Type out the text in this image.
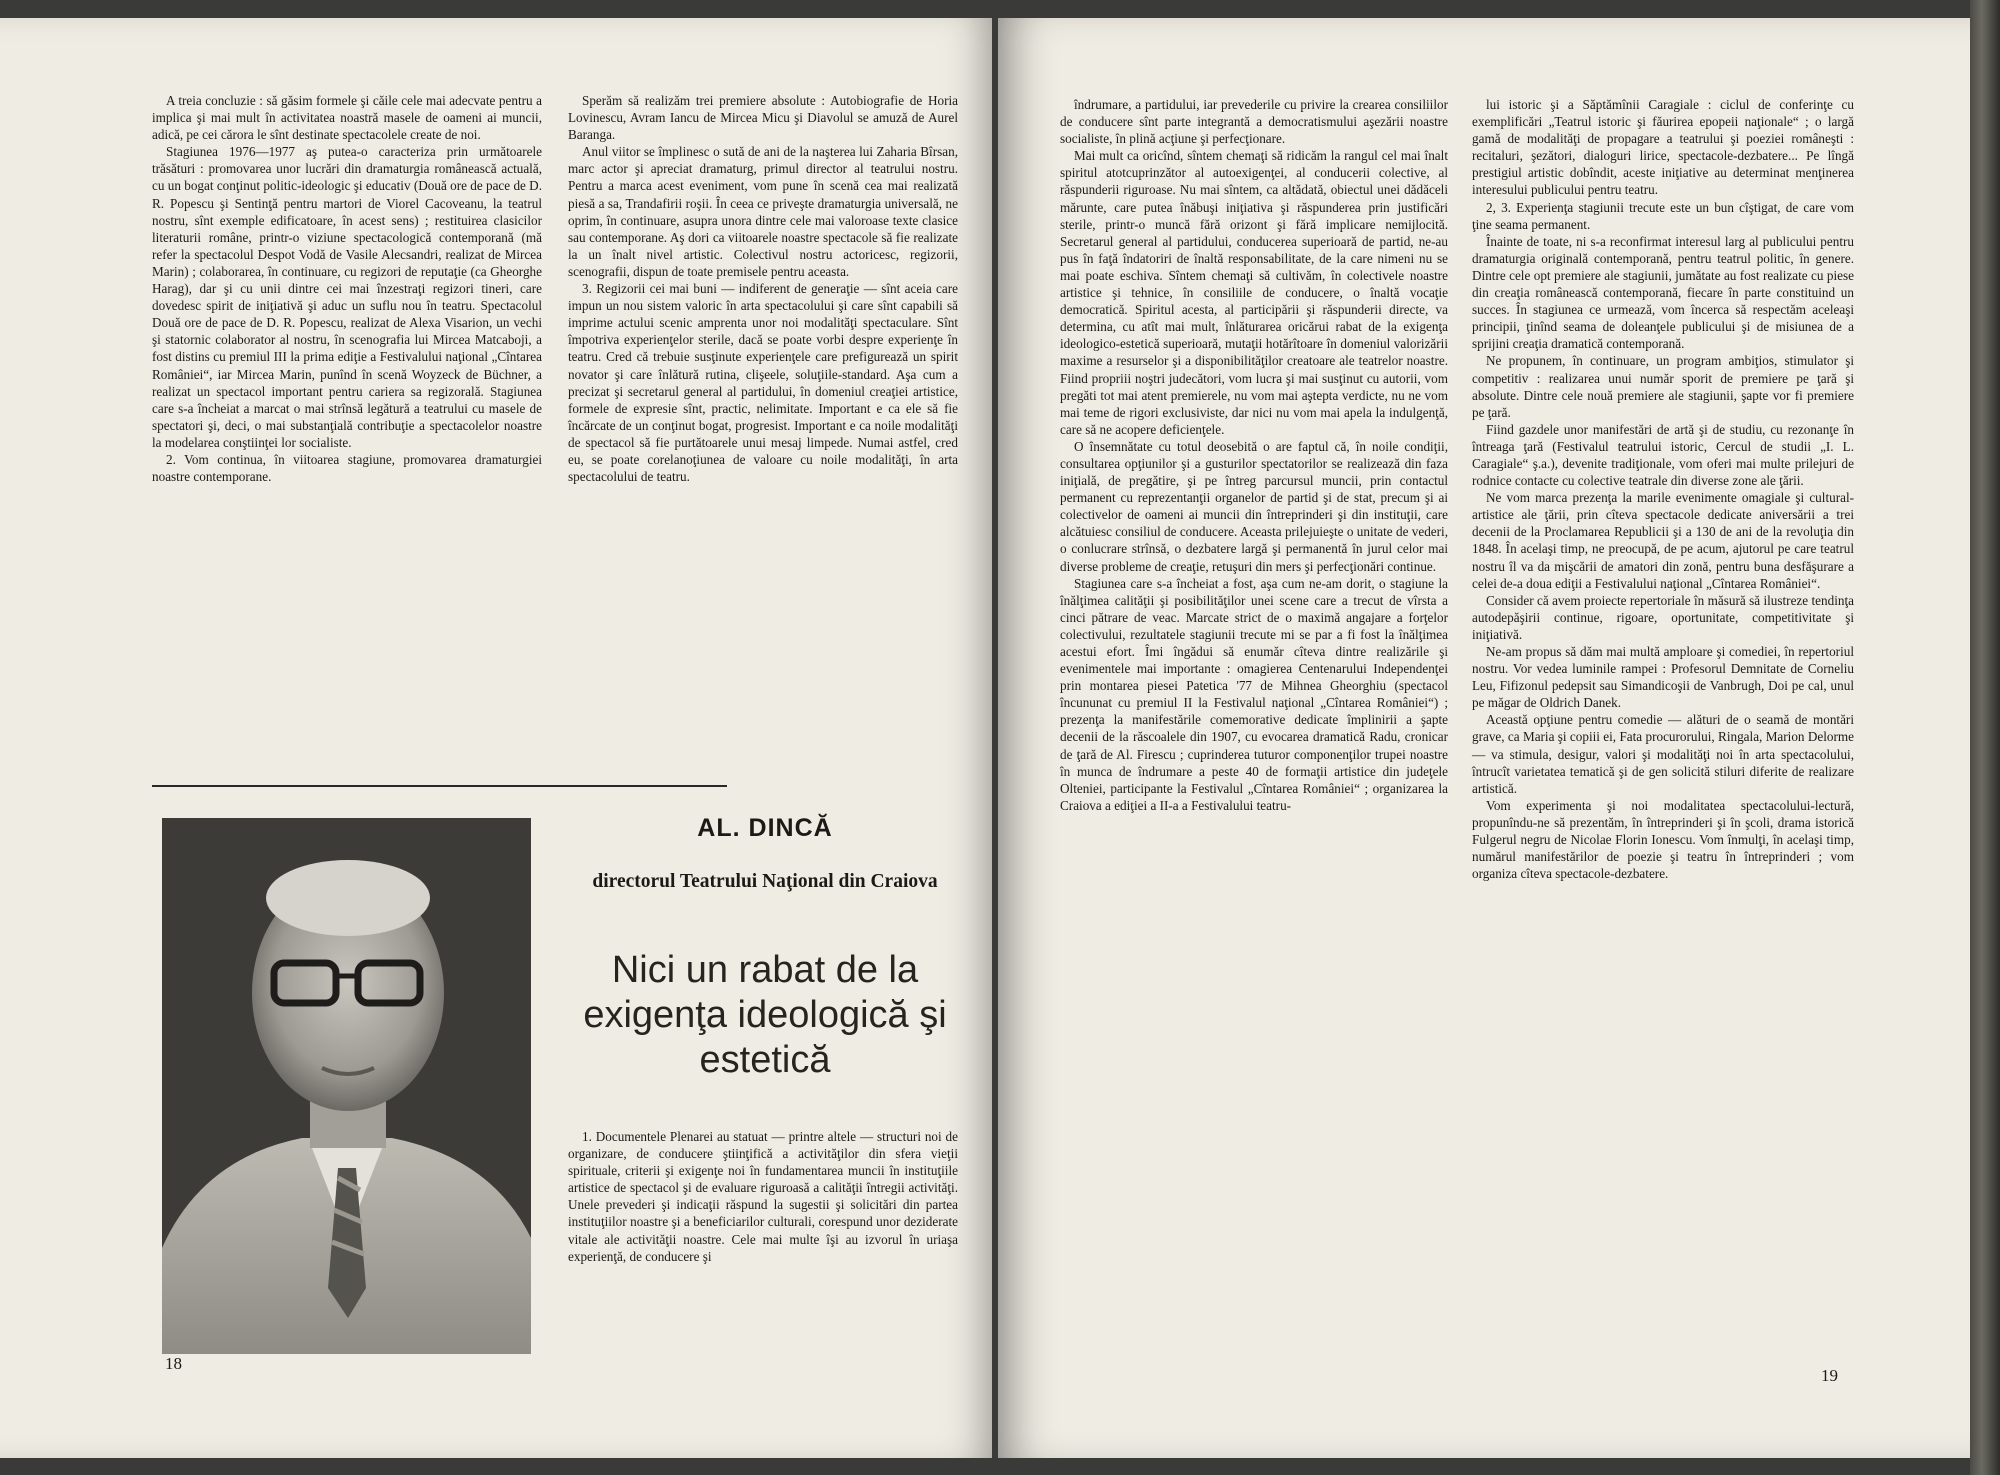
A treia concluzie : să găsim formele şi căile cele mai adecvate pentru a implica şi mai mult în activitatea noastră masele de oameni ai muncii, adică, pe cei cărora le sînt destinate spectacolele create de noi.

Stagiunea 1976—1977 aş putea-o caracteriza prin următoarele trăsături : promovarea unor lucrări din dramaturgia românească actuală, cu un bogat conţinut politic-ideologic şi educativ (Două ore de pace de D. R. Popescu şi Sentinţă pentru martori de Viorel Cacoveanu, la teatrul nostru, sînt exemple edificatoare, în acest sens) ; restituirea clasicilor literaturii române, printr-o viziune spectacologică contemporană (mă refer la spectacolul Despot Vodă de Vasile Alecsandri, realizat de Mircea Marin) ; colaborarea, în continuare, cu regizori de reputaţie (ca Gheorghe Harag), dar şi cu unii dintre cei mai înzestraţi regizori tineri, care dovedesc spirit de iniţiativă şi aduc un suflu nou în teatru. Spectacolul Două ore de pace de D. R. Popescu, realizat de Alexa Visarion, un vechi şi statornic colaborator al nostru, în scenografia lui Mircea Matcaboji, a fost distins cu premiul III la prima ediţie a Festivalului naţional „Cîntarea României“, iar Mircea Marin, punînd în scenă Woyzeck de Büchner, a realizat un spectacol important pentru cariera sa regizorală. Stagiunea care s-a încheiat a marcat o mai strînsă legătură a teatrului cu masele de spectatori şi, deci, o mai substanţială contribuţie a spectacolelor noastre la modelarea conştiinţei lor socialiste.

2. Vom continua, în viitoarea stagiune, promovarea dramaturgiei noastre contemporane.

Sperăm să realizăm trei premiere absolute : Autobiografie de Horia Lovinescu, Avram Iancu de Mircea Micu şi Diavolul se amuză de Aurel Baranga.

Anul viitor se împlinesc o sută de ani de la naşterea lui Zaharia Bîrsan, marc actor şi apreciat dramaturg, primul director al teatrului nostru. Pentru a marca acest eveniment, vom pune în scenă cea mai realizată piesă a sa, Trandafirii roşii. În ceea ce priveşte dramaturgia universală, ne oprim, în continuare, asupra unora dintre cele mai valoroase texte clasice sau contemporane. Aş dori ca viitoarele noastre spectacole să fie realizate la un înalt nivel artistic. Colectivul nostru actoricesc, regizorii, scenografii, dispun de toate premisele pentru aceasta.

3. Regizorii cei mai buni — indiferent de generaţie — sînt aceia care impun un nou sistem valoric în arta spectacolului şi care sînt capabili să imprime actului scenic amprenta unor noi modalităţi spectaculare. Sînt împotriva experienţelor sterile, dacă se poate vorbi despre experienţe în teatru. Cred că trebuie susţinute experienţele care prefigurează un spirit novator şi care înlătură rutina, clişeele, soluţiile-standard. Aşa cum a precizat şi secretarul general al partidului, în domeniul creaţiei artistice, formele de expresie sînt, practic, nelimitate. Important e ca ele să fie încărcate de un conţinut bogat, progresist. Important e ca noile modalităţi de spectacol să fie purtătoarele unui mesaj limpede. Numai astfel, cred eu, se poate corelanoţiunea de valoare cu noile modalităţi, în arta spectacolului de teatru.

AL. DINCĂ
directorul Teatrului Naţional din Craiova
Nici un rabat de la exigenţa ideologică şi estetică

1. Documentele Plenarei au statuat — printre altele — structuri noi de organizare, de conducere ştiinţifică a activităţilor din sfera vieţii spirituale, criterii şi exigenţe noi în fundamentarea muncii în instituţiile artistice de spectacol şi de evaluare riguroasă a calităţii întregii activităţi. Unele prevederi şi indicaţii răspund la sugestii şi solicitări din partea instituţiilor noastre şi a beneficiarilor culturali, corespund unor deziderate vitale ale activităţii noastre. Cele mai multe îşi au izvorul în uriaşa experienţă, de conducere şi

18

îndrumare, a partidului, iar prevederile cu privire la crearea consiliilor de conducere sînt parte integrantă a democratismului aşezării noastre socialiste, în plină acţiune şi perfecţionare.

Mai mult ca oricînd, sîntem chemaţi să ridicăm la rangul cel mai înalt spiritul atotcuprinzător al autoexigenţei, al conducerii colective, al răspunderii riguroase. Nu mai sîntem, ca altădată, obiectul unei dădăceli mărunte, care putea înăbuşi iniţiativa şi răspunderea prin justificări sterile, printr-o muncă fără orizont şi fără implicare nemijlocită. Secretarul general al partidului, conducerea superioară de partid, ne-au pus în faţă îndatoriri de înaltă responsabilitate, de la care nimeni nu se mai poate eschiva. Sîntem chemaţi să cultivăm, în colectivele noastre artistice şi tehnice, în consiliile de conducere, o înaltă vocaţie democratică. Spiritul acesta, al participării şi răspunderii directe, va determina, cu atît mai mult, înlăturarea oricărui rabat de la exigenţa ideologico-estetică superioară, mutaţii hotărîtoare în domeniul valorizării maxime a resurselor şi a disponibilităţilor creatoare ale teatrelor noastre. Fiind propriii noştri judecători, vom lucra şi mai susţinut cu autorii, vom pregăti tot mai atent premierele, nu vom mai aştepta verdicte, nu ne vom mai teme de rigori exclusiviste, dar nici nu vom mai apela la indulgenţă, care să ne acopere deficienţele.

O însemnătate cu totul deosebită o are faptul că, în noile condiţii, consultarea opţiunilor şi a gusturilor spectatorilor se realizează din faza iniţială, de pregătire, şi pe întreg parcursul muncii, prin contactul permanent cu reprezentanţii organelor de partid şi de stat, precum şi ai colectivelor de oameni ai muncii din întreprinderi şi din instituţii, care alcătuiesc consiliul de conducere. Aceasta prilejuieşte o unitate de vederi, o conlucrare strînsă, o dezbatere largă şi permanentă în jurul celor mai diverse probleme de creaţie, retuşuri din mers şi perfecţionări continue.

Stagiunea care s-a încheiat a fost, aşa cum ne-am dorit, o stagiune la înălţimea calităţii şi posibilităţilor unei scene care a trecut de vîrsta a cinci pătrare de veac. Marcate strict de o maximă angajare a forţelor colectivului, rezultatele stagiunii trecute mi se par a fi fost la înălţimea acestui efort. Îmi îngădui să enumăr cîteva dintre realizările şi evenimentele mai importante : omagierea Centenarului Independenţei prin montarea piesei Patetica '77 de Mihnea Gheorghiu (spectacol încununat cu premiul II la Festivalul naţional „Cîntarea României“) ; prezenţa la manifestările comemorative dedicate împlinirii a şapte decenii de la răscoalele din 1907, cu evocarea dramatică Radu, cronicar de ţară de Al. Firescu ; cuprinderea tuturor componenţilor trupei noastre în munca de îndrumare a peste 40 de formaţii artistice din judeţele Olteniei, participante la Festivalul „Cîntarea României“ ; organizarea la Craiova a ediţiei a II-a a Festivalului teatru-

lui istoric şi a Săptămînii Caragiale : ciclul de conferinţe cu exemplificări „Teatrul istoric şi făurirea epopeii naţionale“ ; o largă gamă de modalităţi de propagare a teatrului şi poeziei româneşti : recitaluri, şezători, dialoguri lirice, spectacole-dezbatere... Pe lîngă prestigiul artistic dobîndit, aceste iniţiative au determinat menţinerea interesului publicului pentru teatru.

2, 3. Experienţa stagiunii trecute este un bun cîştigat, de care vom ţine seama permanent.

Înainte de toate, ni s-a reconfirmat interesul larg al publicului pentru dramaturgia originală contemporană, pentru teatrul politic, în genere. Dintre cele opt premiere ale stagiunii, jumătate au fost realizate cu piese din creaţia românească contemporană, fiecare în parte constituind un succes. În stagiunea ce urmează, vom încerca să respectăm aceleaşi principii, ţinînd seama de doleanţele publicului şi de misiunea de a sprijini creaţia dramatică contemporană.

Ne propunem, în continuare, un program ambiţios, stimulator şi competitiv : realizarea unui număr sporit de premiere pe ţară şi absolute. Dintre cele nouă premiere ale stagiunii, şapte vor fi premiere pe ţară.

Fiind gazdele unor manifestări de artă şi de studiu, cu rezonanţe în întreaga ţară (Festivalul teatrului istoric, Cercul de studii „I. L. Caragiale“ ş.a.), devenite tradiţionale, vom oferi mai multe prilejuri de rodnice contacte cu colective teatrale din diverse zone ale ţării.

Ne vom marca prezenţa la marile evenimente omagiale şi cultural-artistice ale ţării, prin cîteva spectacole dedicate aniversării a trei decenii de la Proclamarea Republicii şi a 130 de ani de la revoluţia din 1848. În acelaşi timp, ne preocupă, de pe acum, ajutorul pe care teatrul nostru îl va da mişcării de amatori din zonă, pentru buna desfăşurare a celei de-a doua ediţii a Festivalului naţional „Cîntarea României“.

Consider că avem proiecte repertoriale în măsură să ilustreze tendinţa autodepăşirii continue, rigoare, oportunitate, competitivitate şi iniţiativă.

Ne-am propus să dăm mai multă amploare şi comediei, în repertoriul nostru. Vor vedea luminile rampei : Profesorul Demnitate de Corneliu Leu, Fifizonul pedepsit sau Simandicoşii de Vanbrugh, Doi pe cal, unul pe măgar de Oldrich Danek.

Această opţiune pentru comedie — alături de o seamă de montări grave, ca Maria şi copiii ei, Fata procurorului, Ringala, Marion Delorme — va stimula, desigur, valori şi modalităţi noi în arta spectacolului, întrucît varietatea tematică şi de gen solicită stiluri diferite de realizare artistică.

Vom experimenta şi noi modalitatea spectacolului-lectură, propunîndu-ne să prezentăm, în întreprinderi şi în şcoli, drama istorică Fulgerul negru de Nicolae Florin Ionescu. Vom înmulţi, în acelaşi timp, numărul manifestărilor de poezie şi teatru în întreprinderi ; vom organiza cîteva spectacole-dezbatere.

19
